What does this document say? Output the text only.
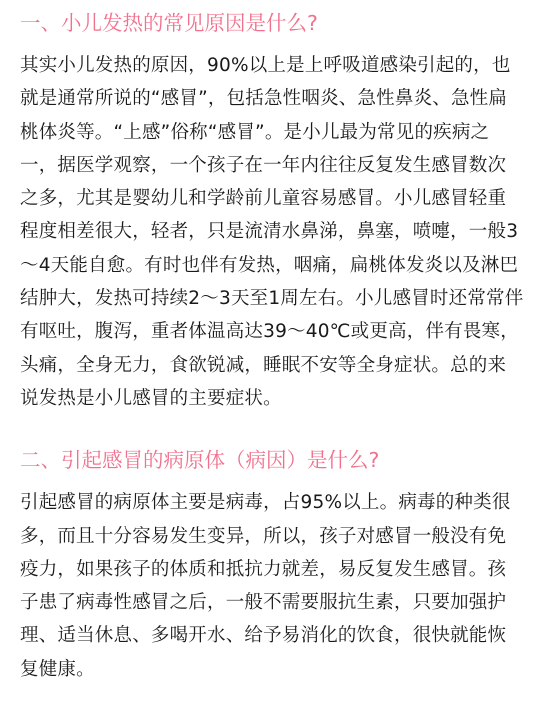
一、小儿发热的常见原因是什么?
其实小儿发热的原因，90%以上是上呼吸道感染引起的，也
就是通常所说的“感冒”，包括急性咽炎、急性鼻炎、急性扁
桃体炎等。“上感”俗称“感冒”。是小儿最为常见的疾病之
一，据医学观察，一个孩子在一年内往往反复发生感冒数次
之多，尤其是婴幼儿和学龄前儿童容易感冒。小儿感冒轻重
程度相差很大，轻者，只是流清水鼻涕，鼻塞，喷嚏，一般3
～4天能自愈。有时也伴有发热，咽痛，扁桃体发炎以及淋巴
结肿大，发热可持续2～3天至1周左右。小儿感冒时还常常伴
有呕吐，腹泻，重者体温高达39～40℃或更高，伴有畏寒，
头痛，全身无力，食欲锐减，睡眠不安等全身症状。总的来
说发热是小儿感冒的主要症状。
二、引起感冒的病原体（病因）是什么?
引起感冒的病原体主要是病毒，占95%以上。病毒的种类很
多，而且十分容易发生变异，所以，孩子对感冒一般没有免
疫力，如果孩子的体质和抵抗力就差，易反复发生感冒。孩
子患了病毒性感冒之后，一般不需要服抗生素，只要加强护
理、适当休息、多喝开水、给予易消化的饮食，很快就能恢
复健康。
